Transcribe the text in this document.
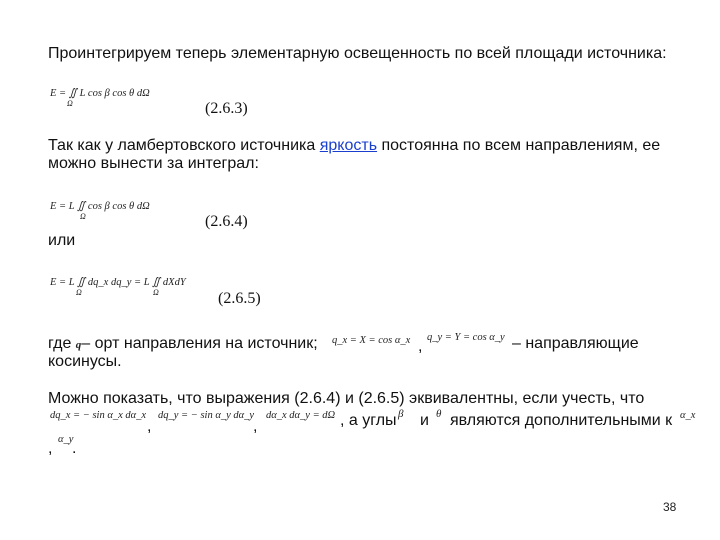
Проинтегрируем теперь элементарную освещенность по всей площади источника:
E = ∬ L cos β cos θ dΩ
Ω	(2.6.3)
Так как у ламбертовского источника яркость постоянна по всем направлениям, ее
можно вынести за интеграл:
E = L ∬ cos β cos θ dΩ
Ω	(2.6.4)
или
E = L ∬ dq_x dq_y = L ∬ dXdY
Ω	Ω	(2.6.5)
где q– орт направления на источник; q_x = X = cos α_x ,
q_y = Y = cos α_y – направляющие
косинусы.
Можно показать, что выражения (2.6.4) и (2.6.5) эквивалентны, если учесть, что
dq_x = − sin α_x dα_x
,
dq_y = − sin α_y dα_y
,
dα_x dα_y = dΩ , а углы β и θ являются дополнительными к α_x
,
α_y
.
38
